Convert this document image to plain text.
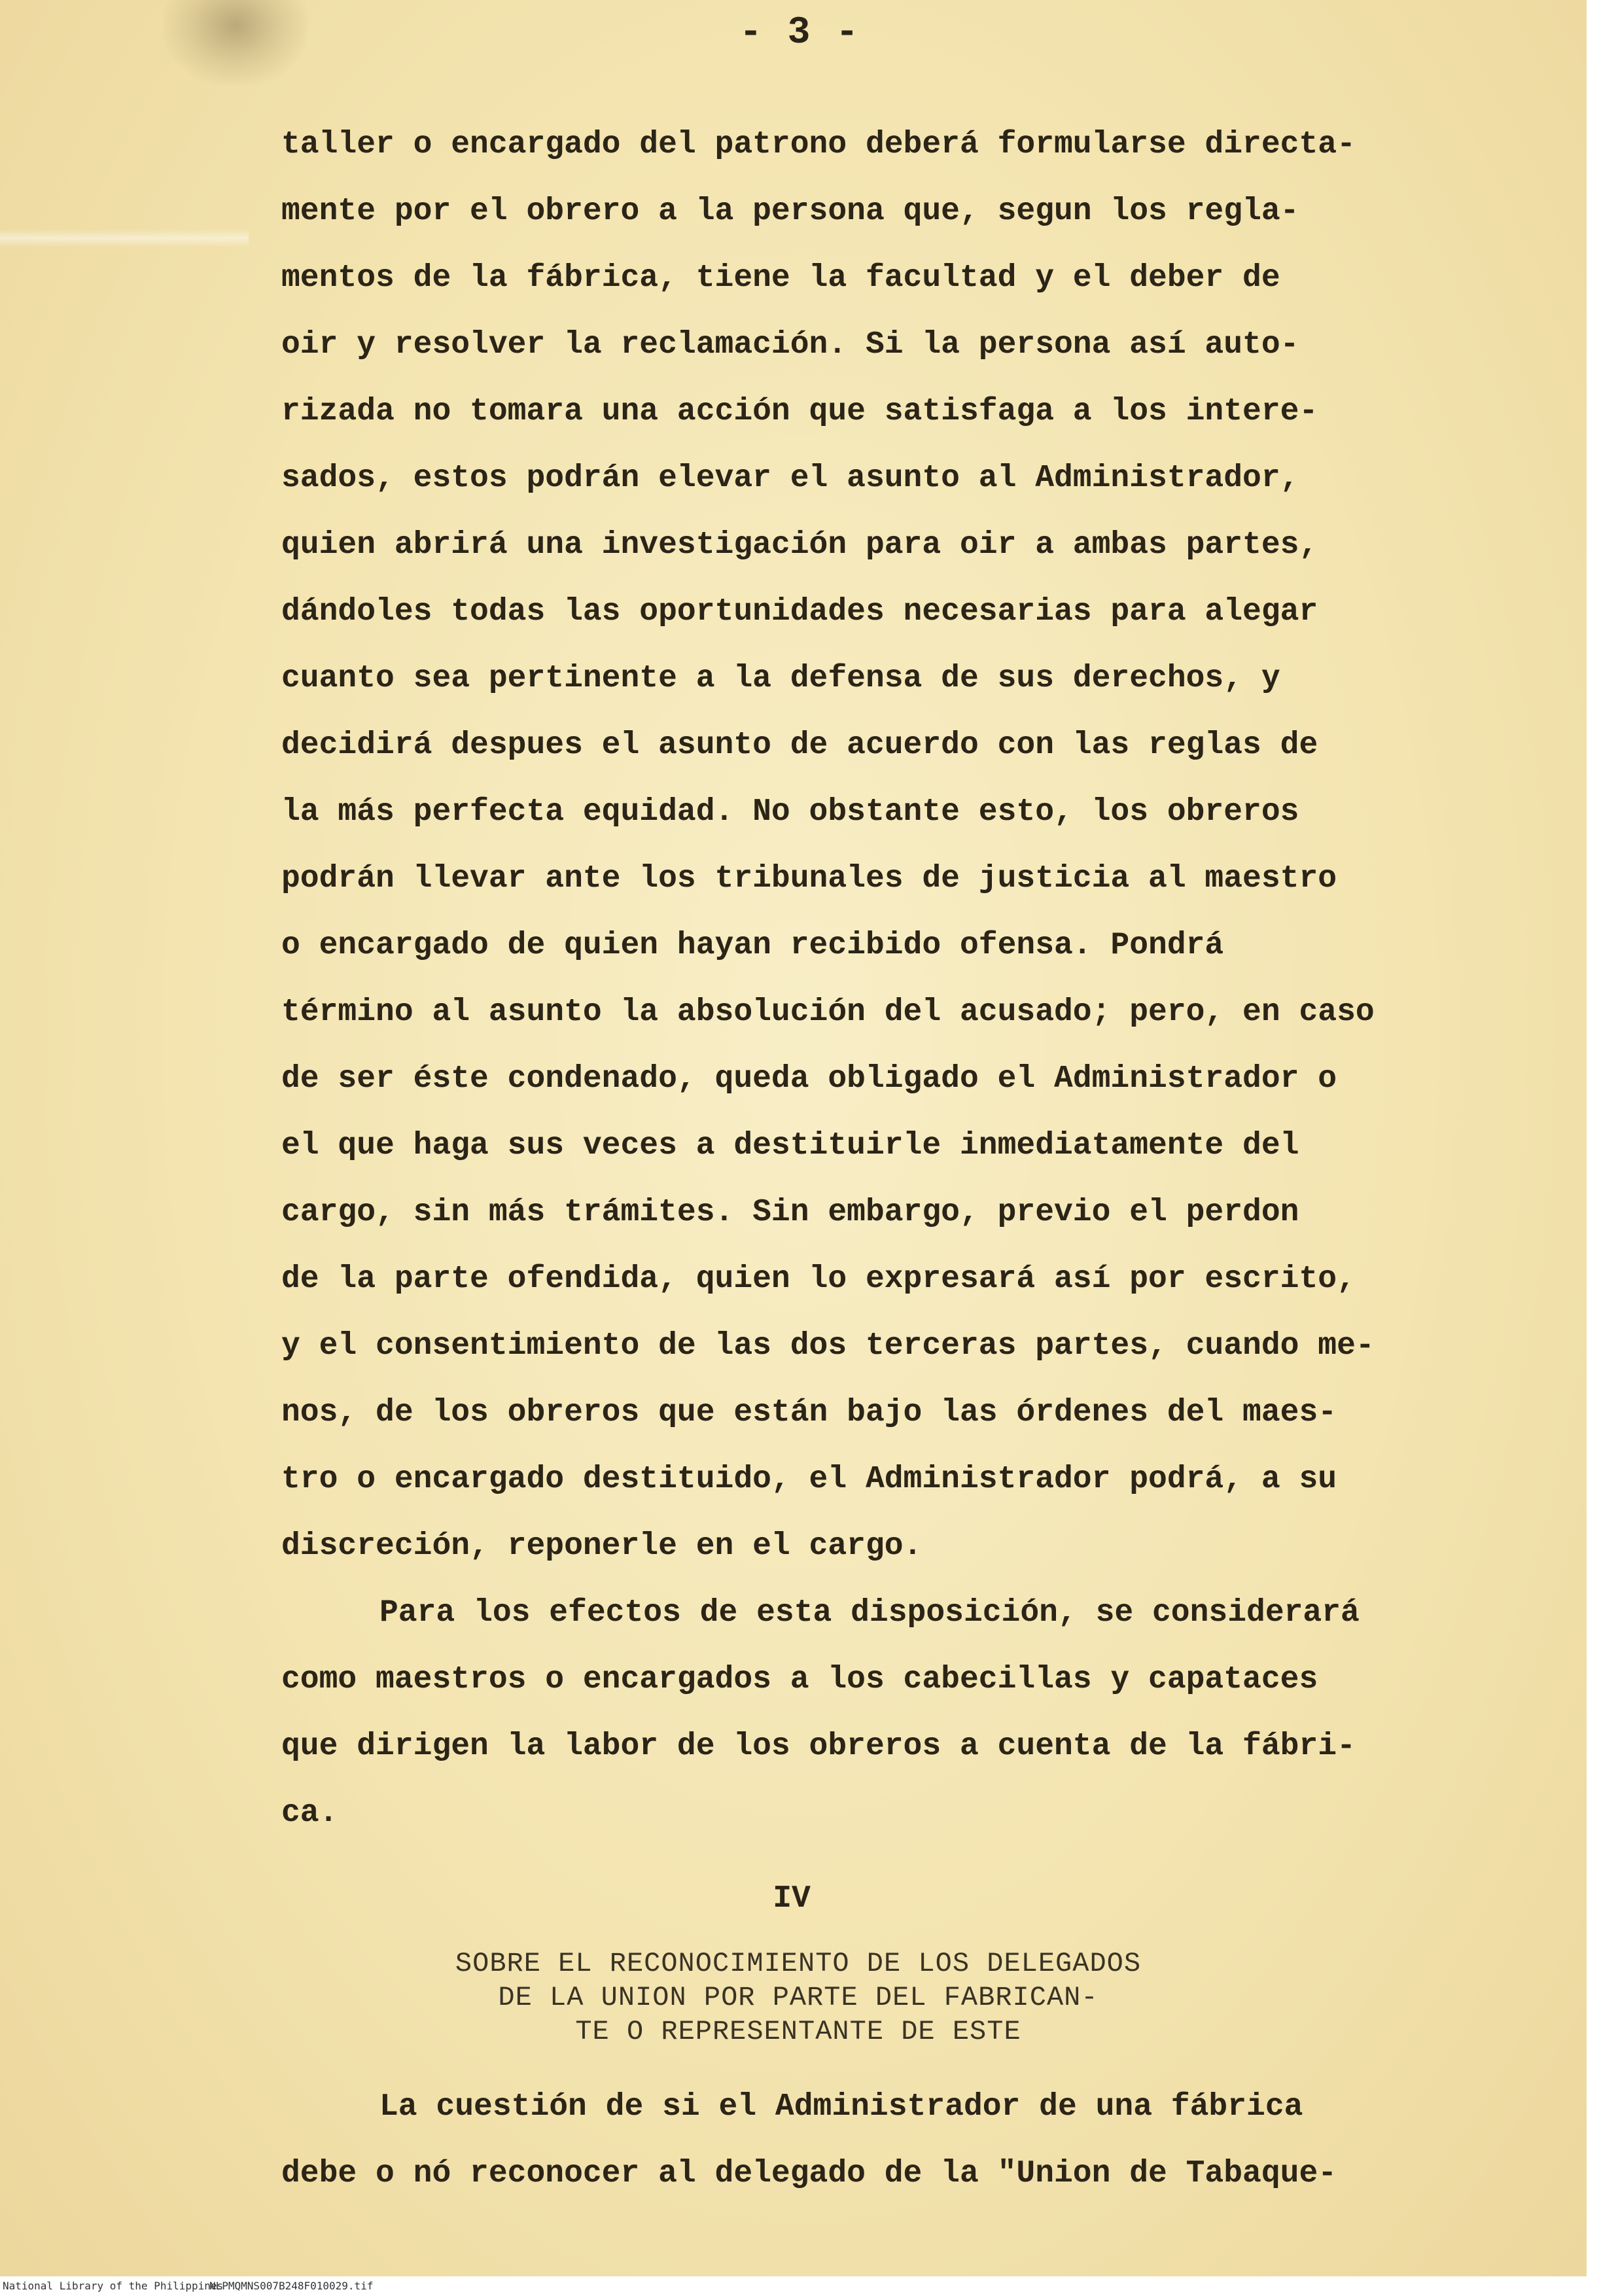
- 3 -
taller o encargado del patrono deberá formularse directa-
mente por el obrero a la persona que, segun los regla-
mentos de la fábrica, tiene la facultad y el deber de
oir y resolver la reclamación. Si la persona así auto-
rizada no tomara una acción que satisfaga a los intere-
sados, estos podrán elevar el asunto al Administrador,
quien abrirá una investigación para oir a ambas partes,
dándoles todas las oportunidades necesarias para alegar
cuanto sea pertinente a la defensa de sus derechos, y
decidirá despues el asunto de acuerdo con las reglas de
la más perfecta equidad. No obstante esto, los obreros
podrán llevar ante los tribunales de justicia al maestro
o encargado de quien hayan recibido ofensa. Pondrá
término al asunto la absolución del acusado; pero, en caso
de ser éste condenado, queda obligado el Administrador o
el que haga sus veces a destituirle inmediatamente del
cargo, sin más trámites. Sin embargo, previo el perdon
de la parte ofendida, quien lo expresará así por escrito,
y el consentimiento de las dos terceras partes, cuando me-
nos, de los obreros que están bajo las órdenes del maes-
tro o encargado destituido, el Administrador podrá, a su
discreción, reponerle en el cargo.
Para los efectos de esta disposición, se considerará
como maestros o encargados a los cabecillas y capataces
que dirigen la labor de los obreros a cuenta de la fábri-
ca.
IV
SOBRE EL RECONOCIMIENTO DE LOS DELEGADOS
DE LA UNION POR PARTE DEL FABRICAN-
TE O REPRESENTANTE DE ESTE
La cuestión de si el Administrador de una fábrica
debe o nó reconocer al delegado de la "Union de Tabaque-
National Library of the Philippines
NLPMQMNS007B248F010029.tif
